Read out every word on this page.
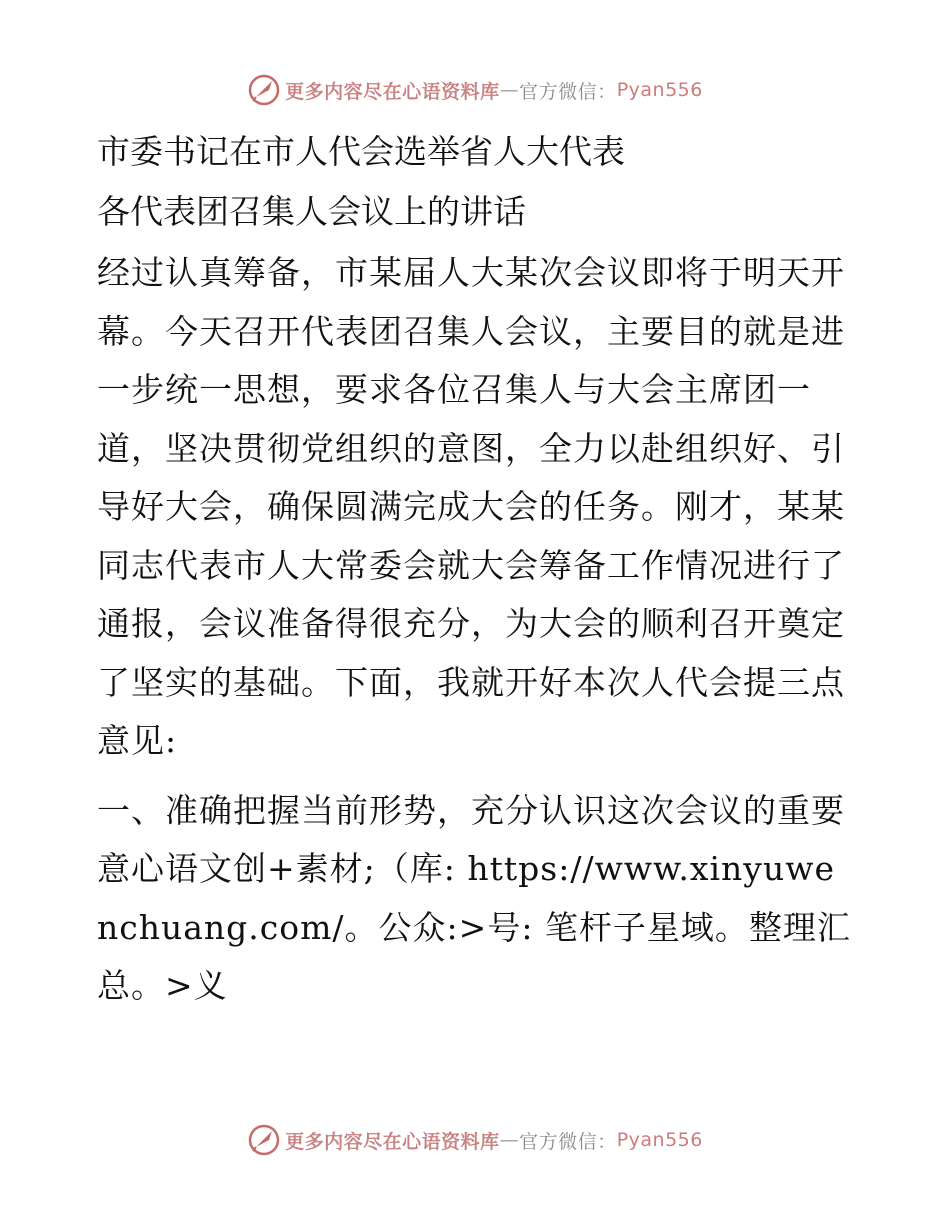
更多内容尽在心语资料库 — 官方微信： Pyan556

市委书记在市人代会选举省人大代表

各代表团召集人会议上的讲话

经过认真筹备，市某届人大某次会议即将于明天开幕。今天召开代表团召集人会议，主要目的就是进一步统一思想，要求各位召集人与大会主席团一道，坚决贯彻党组织的意图，全力以赴组织好、引导好大会，确保圆满完成大会的任务。刚才，某某同志代表市人大常委会就大会筹备工作情况进行了通报，会议准备得很充分，为大会的顺利召开奠定了坚实的基础。下面，我就开好本次人代会提三点意见:

一、准确把握当前形势，充分认识这次会议的重要意心语文创+素材;（库: https://www.xinyuwenchuang.com/。公众:>号: 笔杆子星域。整理汇总。>义

更多内容尽在心语资料库 — 官方微信： Pyan556
